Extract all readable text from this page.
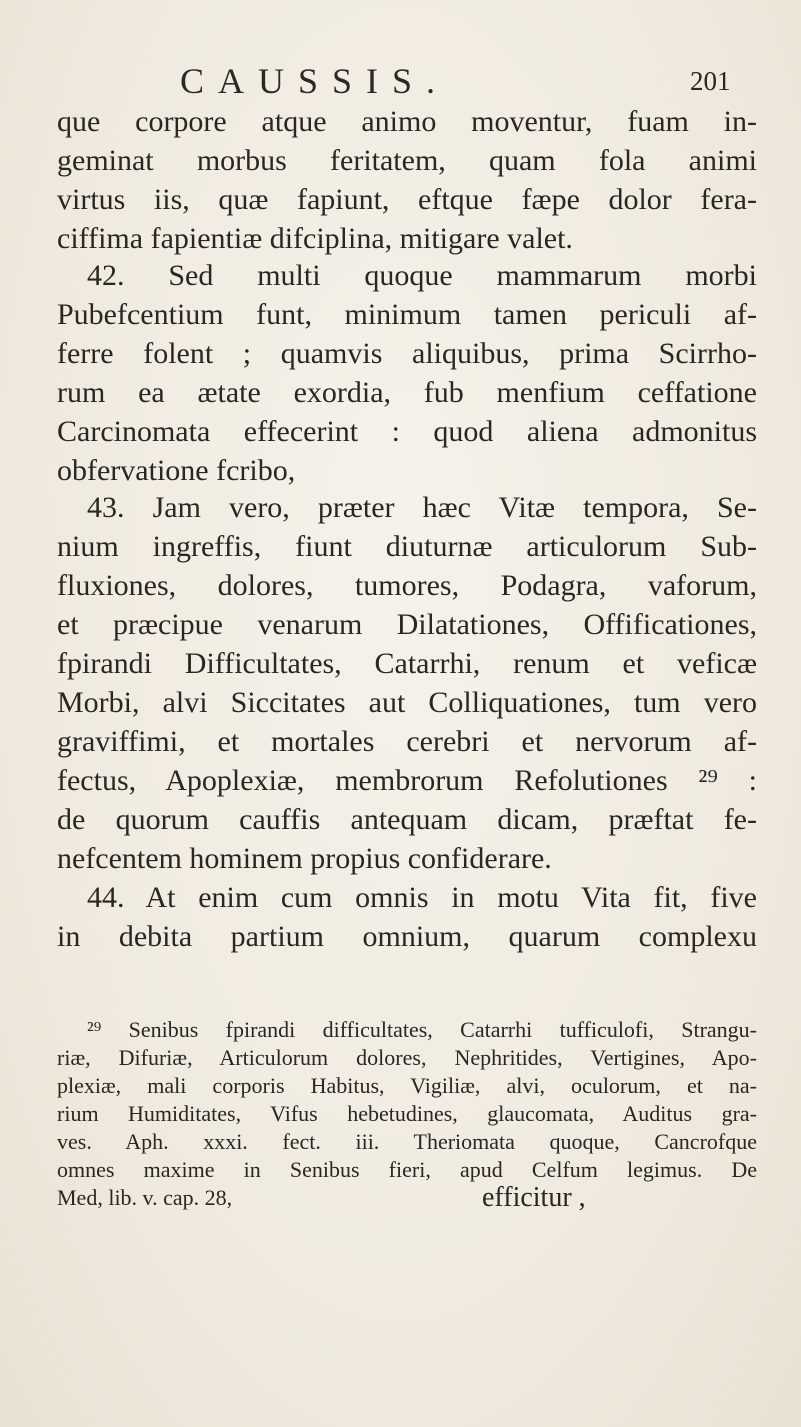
CAUSSIS.	201
que corpore atque animo moventur, fuam in-
geminat morbus feritatem, quam fola animi
virtus iis, quæ fapiunt, eftque fæpe dolor fera-
ciffima fapientiæ difciplina, mitigare valet.
42. Sed multi quoque mammarum morbi
Pubefcentium funt, minimum tamen periculi af-
ferre folent ; quamvis aliquibus, prima Scirrho-
rum ea ætate exordia, fub menfium ceffatione
Carcinomata effecerint : quod aliena admonitus
obfervatione fcribo,
43. Jam vero, præter hæc Vitæ tempora, Se-
nium ingreffis, fiunt diuturnæ articulorum Sub-
fluxiones, dolores, tumores, Podagra, vaforum,
et præcipue venarum Dilatationes, Offificationes,
fpirandi Difficultates, Catarrhi, renum et veficæ
Morbi, alvi Siccitates aut Colliquationes, tum vero
graviffimi, et mortales cerebri et nervorum af-
fectus, Apoplexiæ, membrorum Refolutiones ²⁹ :
de quorum cauffis antequam dicam, præftat fe-
nefcentem hominem propius confiderare.
44. At enim cum omnis in motu Vita fit, five
in debita partium omnium, quarum complexu
²⁹ Senibus fpirandi difficultates, Catarrhi tufficulofi, Strangu-
riæ, Difuriæ, Articulorum dolores, Nephritides, Vertigines, Apo-
plexiæ, mali corporis Habitus, Vigiliæ, alvi, oculorum, et na-
rium Humiditates, Vifus hebetudines, glaucomata, Auditus gra-
ves. Aph. xxxi. fect. iii. Theriomata quoque, Cancrofque
omnes maxime in Senibus fieri, apud Celfum legimus. De
Med, lib. v. cap. 28,	efficitur ,
